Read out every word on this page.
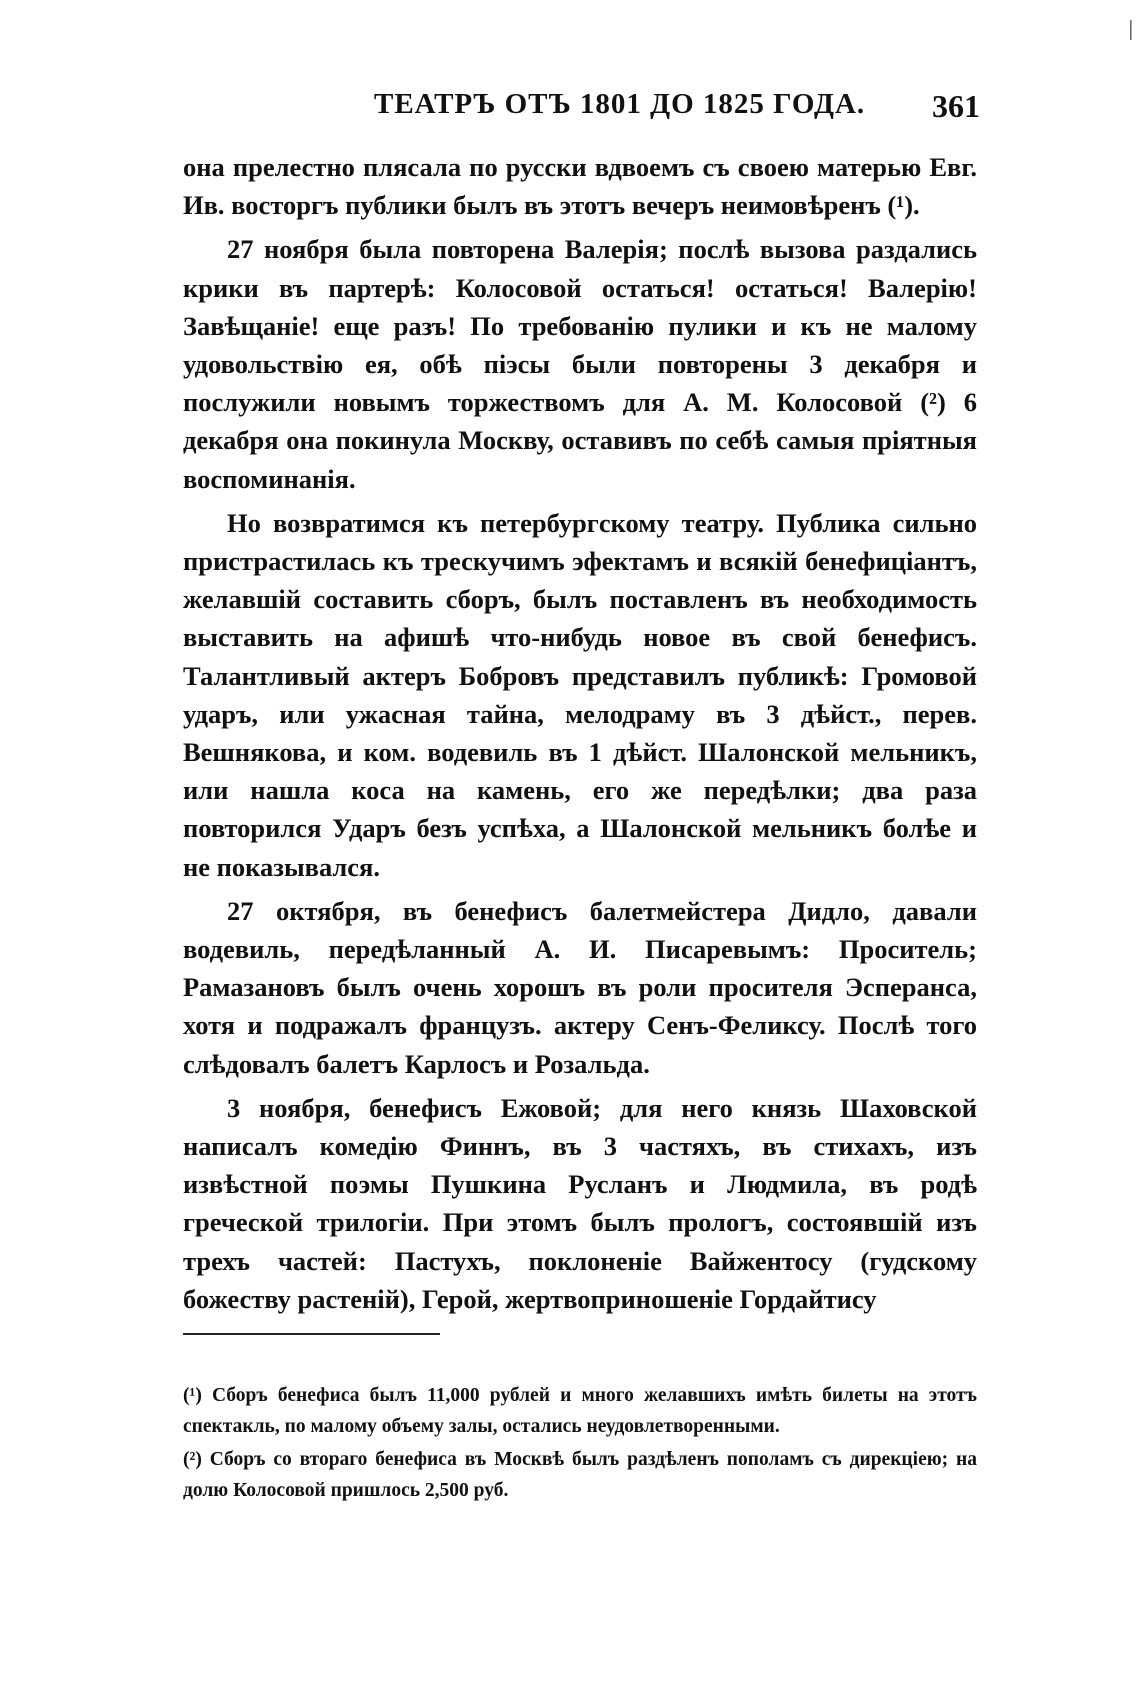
ǀ
ТЕАТРЪ ОТЪ 1801 ДО 1825 ГОДА. 361

она прелестно плясала по русски вдвоемъ съ своею матерью Евг. Ив. восторгъ публики былъ въ этотъ вечеръ неимовѣренъ (¹).

27 ноября была повторена Валерія; послѣ вызова раздались крики въ партерѣ: Колосовой остаться! остаться! Валерію! Завѣщаніе! еще разъ! По требованію пулики и къ не малому удовольствію ея, обѣ піэсы были повторены 3 декабря и послужили новымъ торжествомъ для А. М. Колосовой (²) 6 декабря она покинула Москву, оставивъ по себѣ самыя пріятныя воспоминанія.

Но возвратимся къ петербургскому театру. Публика сильно пристрастилась къ трескучимъ эфектамъ и всякій бенефиціантъ, желавшій составить сборъ, былъ поставленъ въ необходимость выставить на афишѣ что-нибудь новое въ свой бенефисъ. Талантливый актеръ Бобровъ представилъ публикѣ: Громовой ударъ, или ужасная тайна, мелодраму въ 3 дѣйст., перев. Вешнякова, и ком. водевиль въ 1 дѣйст. Шалонской мельникъ, или нашла коса на камень, его же передѣлки; два раза повторился Ударъ безъ успѣха, а Шалонской мельникъ болѣе и не показывался.

27 октября, въ бенефисъ балетмейстера Дидло, давали водевиль, передѣланный А. И. Писаревымъ: Проситель; Рамазановъ былъ очень хорошъ въ роли просителя Эсперанса, хотя и подражалъ французъ. актеру Сенъ-Феликсу. Послѣ того слѣдовалъ балетъ Карлосъ и Розальда.

3 ноября, бенефисъ Ежовой; для него князь Шаховской написалъ комедію Финнъ, въ 3 частяхъ, въ стихахъ, изъ извѣстной поэмы Пушкина Русланъ и Людмила, въ родѣ греческой трилогіи. При этомъ былъ прологъ, состоявшій изъ трехъ частей: Пастухъ, поклоненіе Вайжентосу (гудскому божеству растеній), Герой, жертвоприношеніе Гордайтису

(¹) Сборъ бенефиса былъ 11,000 рублей и много желавшихъ имѣть билеты на этотъ спектакль, по малому объему залы, остались неудовлетворенными.

(²) Сборъ со втораго бенефиса въ Москвѣ былъ раздѣленъ пополамъ съ дирекціею; на долю Колосовой пришлось 2,500 руб.
